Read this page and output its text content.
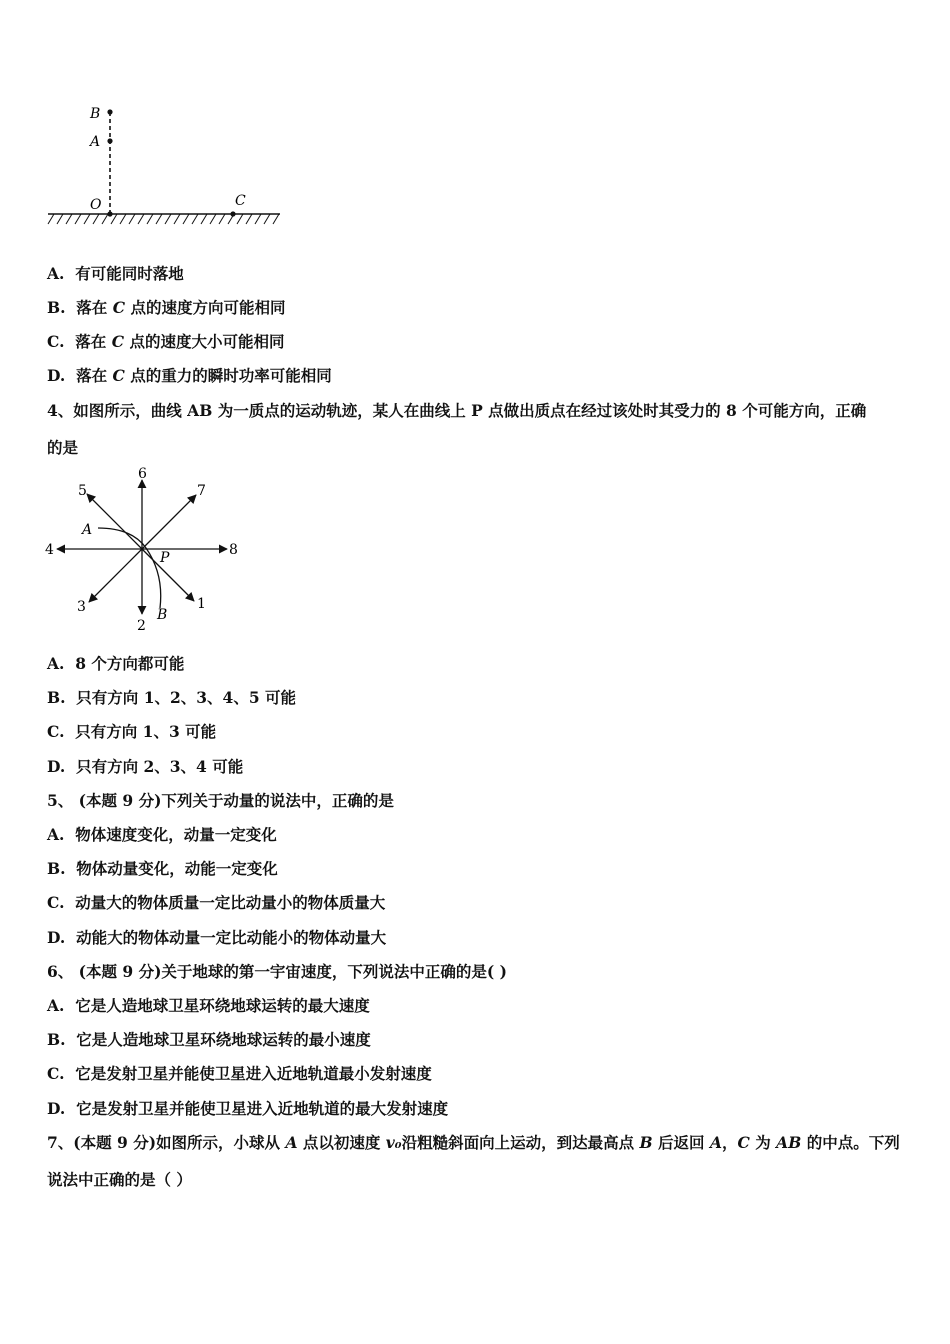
B
A
O	C
A. 有可能同时落地
B. 落在 C 点的速度方向可能相同
C. 落在 C 点的速度大小可能相同
D. 落在 C 点的重力的瞬时功率可能相同
4、如图所示，曲线 AB 为一质点的运动轨迹，某人在曲线上 P 点做出质点在经过该处时其受力的 8 个可能方向，正确
的是
1
2
3
4
5
6
7
8
A
B
P
A. 8 个方向都可能
B. 只有方向 1、2、3、4、5 可能
C. 只有方向 1、3 可能
D. 只有方向 2、3、4 可能
5、 (本题 9 分)下列关于动量的说法中，正确的是
A. 物体速度变化，动量一定变化
B. 物体动量变化，动能一定变化
C. 动量大的物体质量一定比动量小的物体质量大
D. 动能大的物体动量一定比动能小的物体动量大
6、 (本题 9 分)关于地球的第一宇宙速度，下列说法中正确的是( )
A. 它是人造地球卫星环绕地球运转的最大速度
B. 它是人造地球卫星环绕地球运转的最小速度
C. 它是发射卫星并能使卫星进入近地轨道最小发射速度
D. 它是发射卫星并能使卫星进入近地轨道的最大发射速度
7、(本题 9 分)如图所示，小球从 A 点以初速度 v₀沿粗糙斜面向上运动，到达最高点 B 后返回 A，C 为 AB 的中点。下列
说法中正确的是（ ）
